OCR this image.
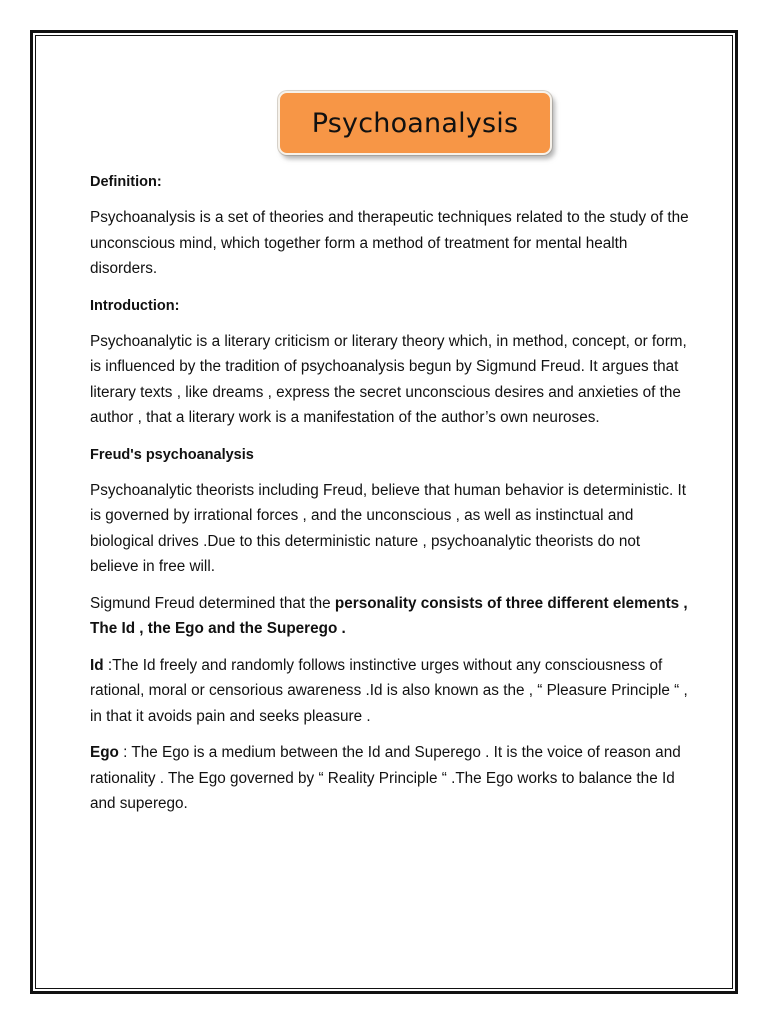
Psychoanalysis
Definition:

Psychoanalysis is a set of theories and therapeutic techniques related to the study of the unconscious mind, which together form a method of treatment for mental health disorders.

Introduction:

Psychoanalytic is a literary criticism or literary theory which, in method, concept, or form, is influenced by the tradition of psychoanalysis begun by Sigmund Freud. It argues that literary texts , like dreams , express the secret unconscious desires and anxieties of the author , that a literary work is a manifestation of the author’s own neuroses.

Freud's psychoanalysis

Psychoanalytic theorists including Freud, believe that human behavior is deterministic. It is governed by irrational forces , and the unconscious , as well as instinctual and biological drives .Due to this deterministic nature , psychoanalytic theorists do not believe in free will.

Sigmund Freud determined that the personality consists of three different elements , The Id , the Ego and the Superego .

Id :The Id freely and randomly follows instinctive urges without any consciousness of rational, moral or censorious awareness .Id is also known as the , “ Pleasure Principle “ , in that it avoids pain and seeks pleasure .

Ego : The Ego is a medium between the Id and Superego . It is the voice of reason and rationality . The Ego governed by “ Reality Principle “ .The Ego works to balance the Id and superego.
